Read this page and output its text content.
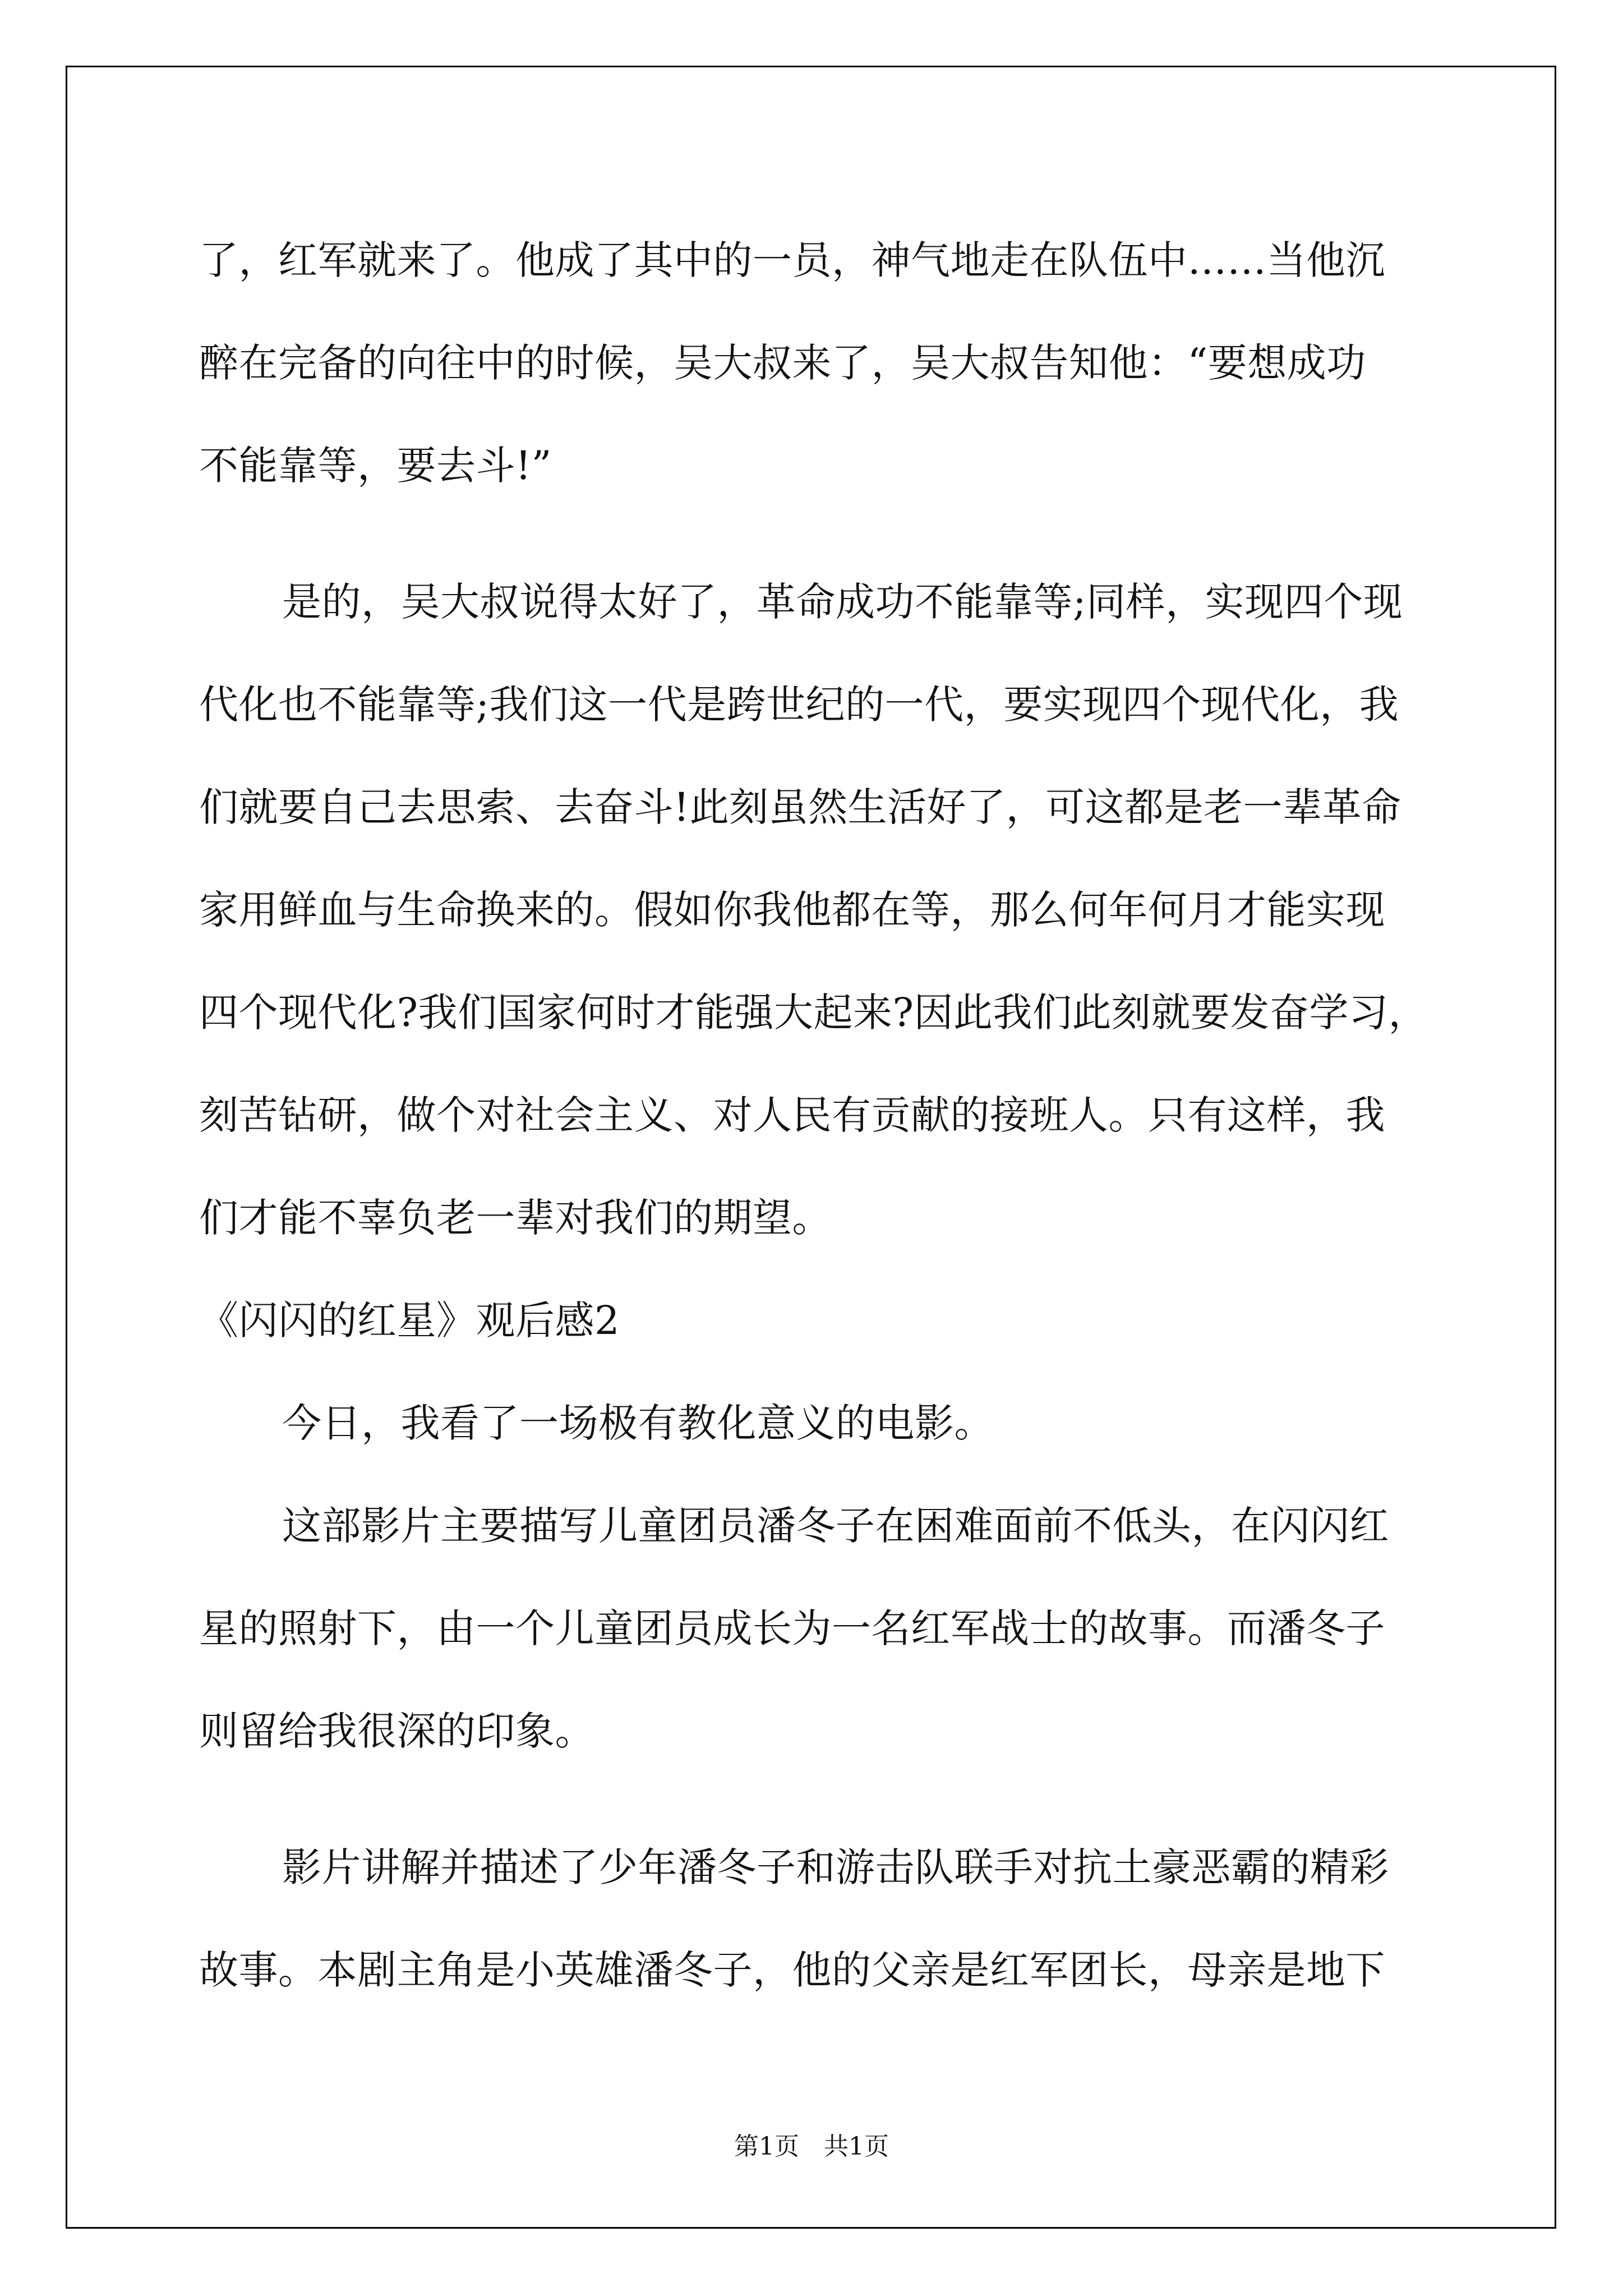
了，红军就来了。他成了其中的一员，神气地走在队伍中……当他沉
醉在完备的向往中的时候，吴大叔来了，吴大叔告知他：“要想成功
不能靠等，要去斗!”
是的，吴大叔说得太好了，革命成功不能靠等;同样，实现四个现
代化也不能靠等;我们这一代是跨世纪的一代，要实现四个现代化，我
们就要自己去思索、去奋斗!此刻虽然生活好了，可这都是老一辈革命
家用鲜血与生命换来的。假如你我他都在等，那么何年何月才能实现
四个现代化?我们国家何时才能强大起来?因此我们此刻就要发奋学习，
刻苦钻研，做个对社会主义、对人民有贡献的接班人。只有这样，我
们才能不辜负老一辈对我们的期望。
《闪闪的红星》观后感2
今日，我看了一场极有教化意义的电影。
这部影片主要描写儿童团员潘冬子在困难面前不低头，在闪闪红
星的照射下，由一个儿童团员成长为一名红军战士的故事。而潘冬子
则留给我很深的印象。
影片讲解并描述了少年潘冬子和游击队联手对抗土豪恶霸的精彩
故事。本剧主角是小英雄潘冬子，他的父亲是红军团长，母亲是地下
第1页　共1页
